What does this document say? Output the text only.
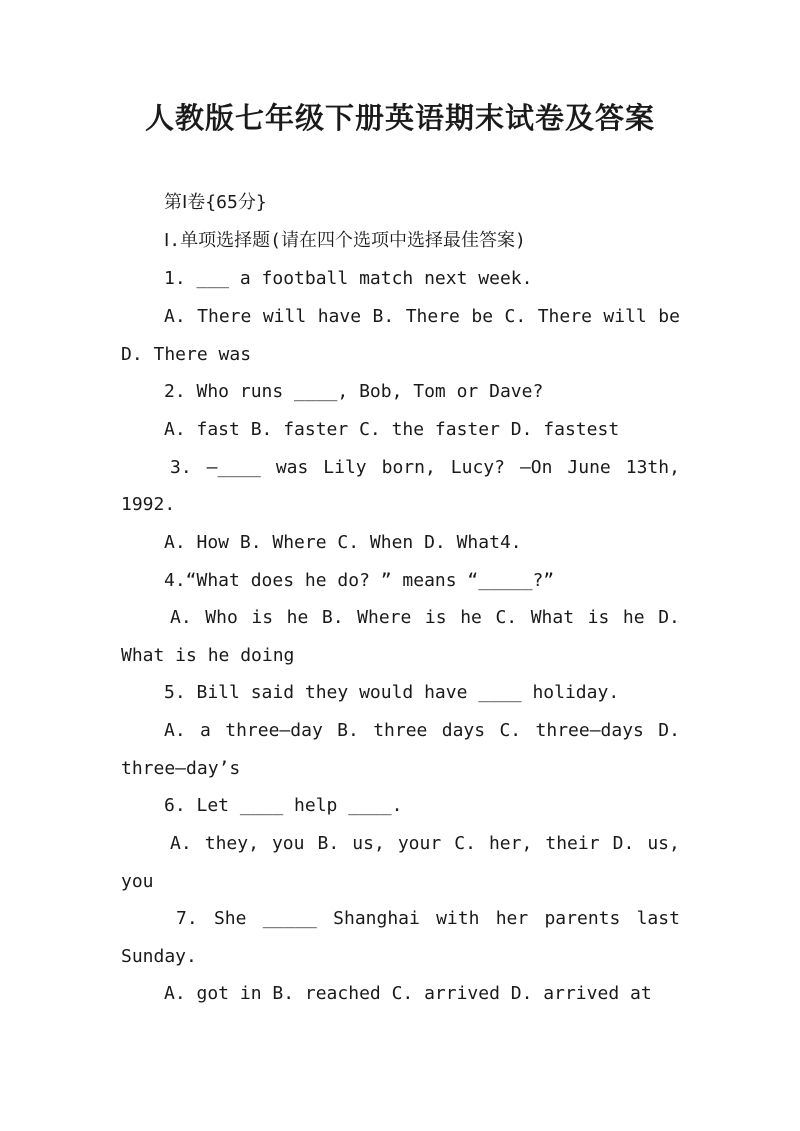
人教版七年级下册英语期末试卷及答案

第Ⅰ卷{65分}

Ⅰ.单项选择题(请在四个选项中选择最佳答案)

1. ___ a football match next week.

A. There will have B. There be C. There will be

D. There was

2. Who runs ____, Bob, Tom or Dave?

A. fast B. faster C. the faster D. fastest

3. —____ was Lily born, Lucy? —On June 13th,

1992.

A. How B. Where C. When D. What4.

4.“What does he do? ” means “_____?”

A. Who is he B. Where is he C. What is he D.

What is he doing

5. Bill said they would have ____ holiday.

A. a three—day B. three days C. three—days D.

three—day’s

6. Let ____ help ____.

A. they, you B. us, your C. her, their D. us,

you

7. She _____ Shanghai with her parents last

Sunday.

A. got in B. reached C. arrived D. arrived at
